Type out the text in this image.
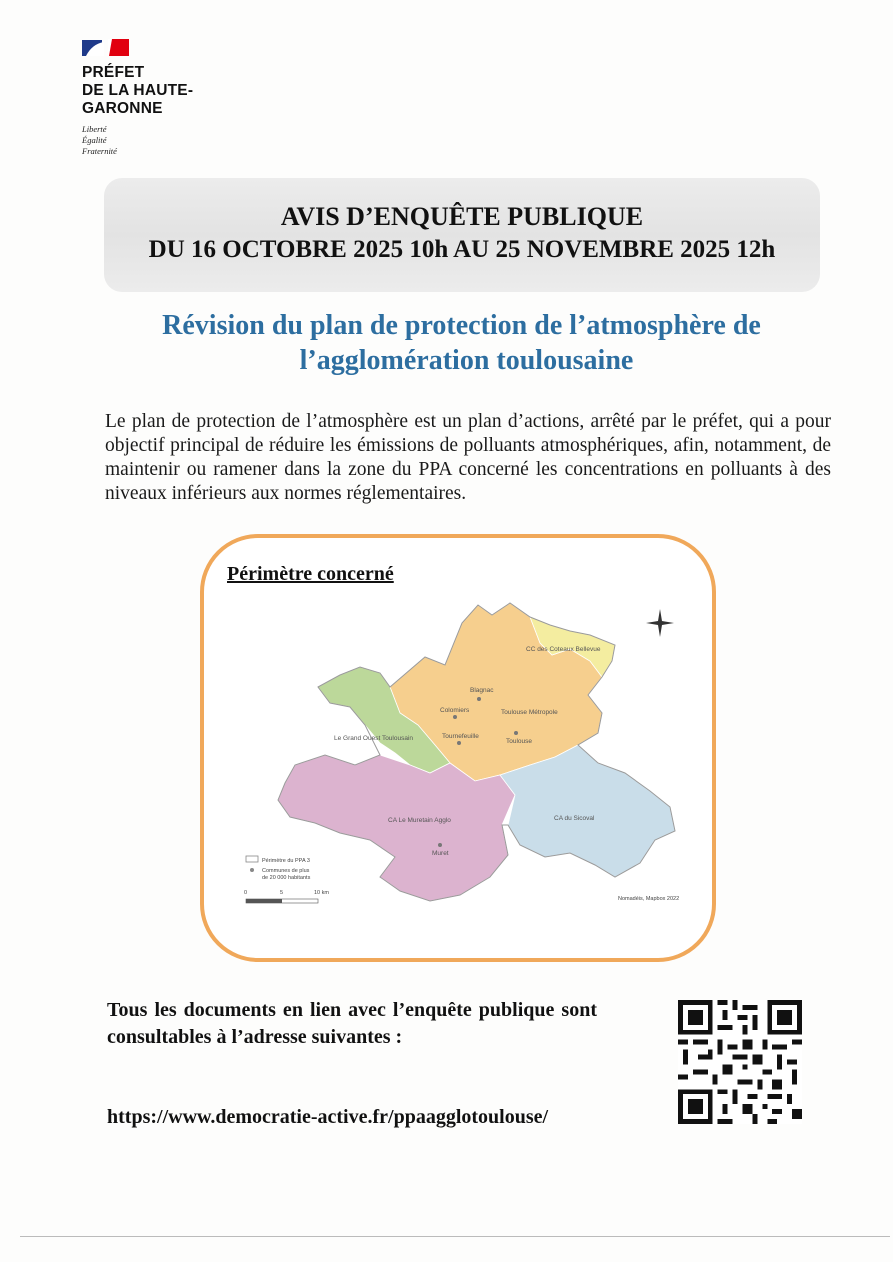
PRÉFET
DE LA HAUTE-
GARONNE
Liberté
Égalité
Fraternité
AVIS D’ENQUÊTE PUBLIQUE
DU 16 OCTOBRE 2025 10h AU 25 NOVEMBRE 2025 12h
Révision du plan de protection de l’atmosphère de
l’agglomération toulousaine
Le plan de protection de l’atmosphère est un plan d’actions, arrêté par le préfet, qui a pour objectif principal de réduire les émissions de polluants atmosphériques, afin, notamment, de maintenir ou ramener dans la zone du PPA concerné les concentrations en polluants à des niveaux inférieurs aux normes réglementaires.
Périmètre concerné
CC des Coteaux Bellevue
Toulouse Métropole
Le Grand Ouest Toulousain
CA Le Muretain Agglo	CA du Sicoval
Blagnac
Colomiers
Tournefeuille
Toulouse
Muret
Périmètre du PPA 3
Communes de plus
de 20 000 habitants
0	5	10 km
Nomadéis, Mapbox 2022
Tous les documents en lien avec l’enquête publique sont consultables à l’adresse suivantes :
https://www.democratie-active.fr/ppaagglotoulouse/
